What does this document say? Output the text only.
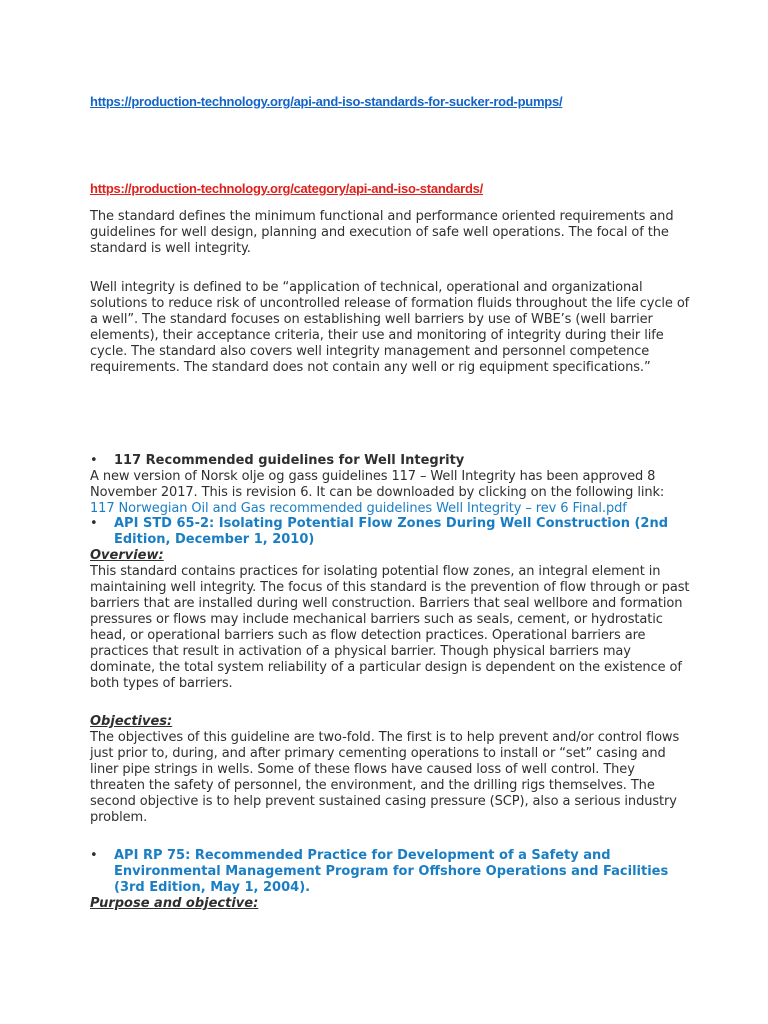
https://production-technology.org/api-and-iso-standards-for-sucker-rod-pumps/
https://production-technology.org/category/api-and-iso-standards/

The standard defines the minimum functional and performance oriented requirements and guidelines for well design, planning and execution of safe well operations. The focal of the standard is well integrity.

Well integrity is defined to be “application of technical, operational and organizational solutions to reduce risk of uncontrolled release of formation fluids throughout the life cycle of a well”. The standard focuses on establishing well barriers by use of WBE’s (well barrier elements), their acceptance criteria, their use and monitoring of integrity during their life cycle. The standard also covers well integrity management and personnel competence requirements. The standard does not contain any well or rig equipment specifications.”

• 117 Recommended guidelines for Well Integrity

A new version of Norsk olje og gass guidelines 117 – Well Integrity has been approved 8 November 2017. This is revision 6. It can be downloaded by clicking on the following link: 117 Norwegian Oil and Gas recommended guidelines Well Integrity – rev 6 Final.pdf

• API STD 65-2: Isolating Potential Flow Zones During Well Construction (2nd Edition, December 1, 2010)
Overview:

This standard contains practices for isolating potential flow zones, an integral element in maintaining well integrity. The focus of this standard is the prevention of flow through or past barriers that are installed during well construction. Barriers that seal wellbore and formation pressures or flows may include mechanical barriers such as seals, cement, or hydrostatic head, or operational barriers such as flow detection practices. Operational barriers are practices that result in activation of a physical barrier. Though physical barriers may dominate, the total system reliability of a particular design is dependent on the existence of both types of barriers.

Objectives:

The objectives of this guideline are two-fold. The first is to help prevent and/or control flows just prior to, during, and after primary cementing operations to install or “set” casing and liner pipe strings in wells. Some of these flows have caused loss of well control. They threaten the safety of personnel, the environment, and the drilling rigs themselves. The second objective is to help prevent sustained casing pressure (SCP), also a serious industry problem.

• API RP 75: Recommended Practice for Development of a Safety and Environmental Management Program for Offshore Operations and Facilities (3rd Edition, May 1, 2004).
Purpose and objective:
